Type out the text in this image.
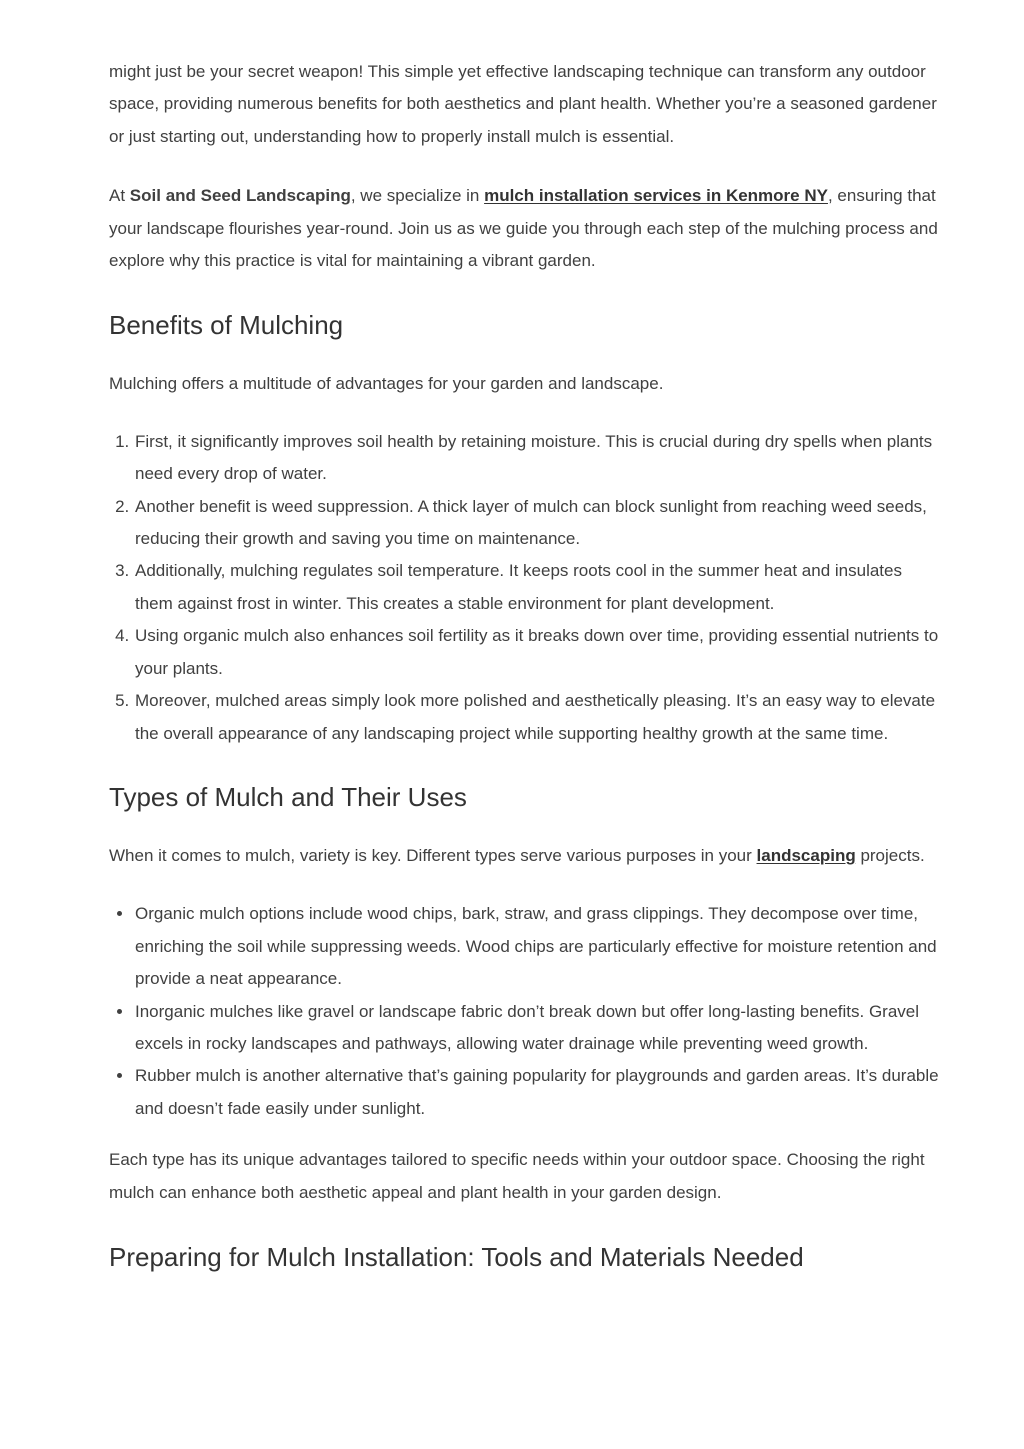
might just be your secret weapon! This simple yet effective landscaping technique can transform any outdoor space, providing numerous benefits for both aesthetics and plant health. Whether you’re a seasoned gardener or just starting out, understanding how to properly install mulch is essential.

At Soil and Seed Landscaping, we specialize in mulch installation services in Kenmore NY, ensuring that your landscape flourishes year-round. Join us as we guide you through each step of the mulching process and explore why this practice is vital for maintaining a vibrant garden.

Benefits of Mulching

Mulching offers a multitude of advantages for your garden and landscape.

1. First, it significantly improves soil health by retaining moisture. This is crucial during dry spells when plants need every drop of water.
2. Another benefit is weed suppression. A thick layer of mulch can block sunlight from reaching weed seeds, reducing their growth and saving you time on maintenance.
3. Additionally, mulching regulates soil temperature. It keeps roots cool in the summer heat and insulates them against frost in winter. This creates a stable environment for plant development.
4. Using organic mulch also enhances soil fertility as it breaks down over time, providing essential nutrients to your plants.
5. Moreover, mulched areas simply look more polished and aesthetically pleasing. It’s an easy way to elevate the overall appearance of any landscaping project while supporting healthy growth at the same time.
Types of Mulch and Their Uses

When it comes to mulch, variety is key. Different types serve various purposes in your landscaping projects.

• Organic mulch options include wood chips, bark, straw, and grass clippings. They decompose over time, enriching the soil while suppressing weeds. Wood chips are particularly effective for moisture retention and provide a neat appearance.
• Inorganic mulches like gravel or landscape fabric don’t break down but offer long-lasting benefits. Gravel excels in rocky landscapes and pathways, allowing water drainage while preventing weed growth.
• Rubber mulch is another alternative that’s gaining popularity for playgrounds and garden areas. It’s durable and doesn’t fade easily under sunlight.

Each type has its unique advantages tailored to specific needs within your outdoor space. Choosing the right mulch can enhance both aesthetic appeal and plant health in your garden design.

Preparing for Mulch Installation: Tools and Materials Needed
